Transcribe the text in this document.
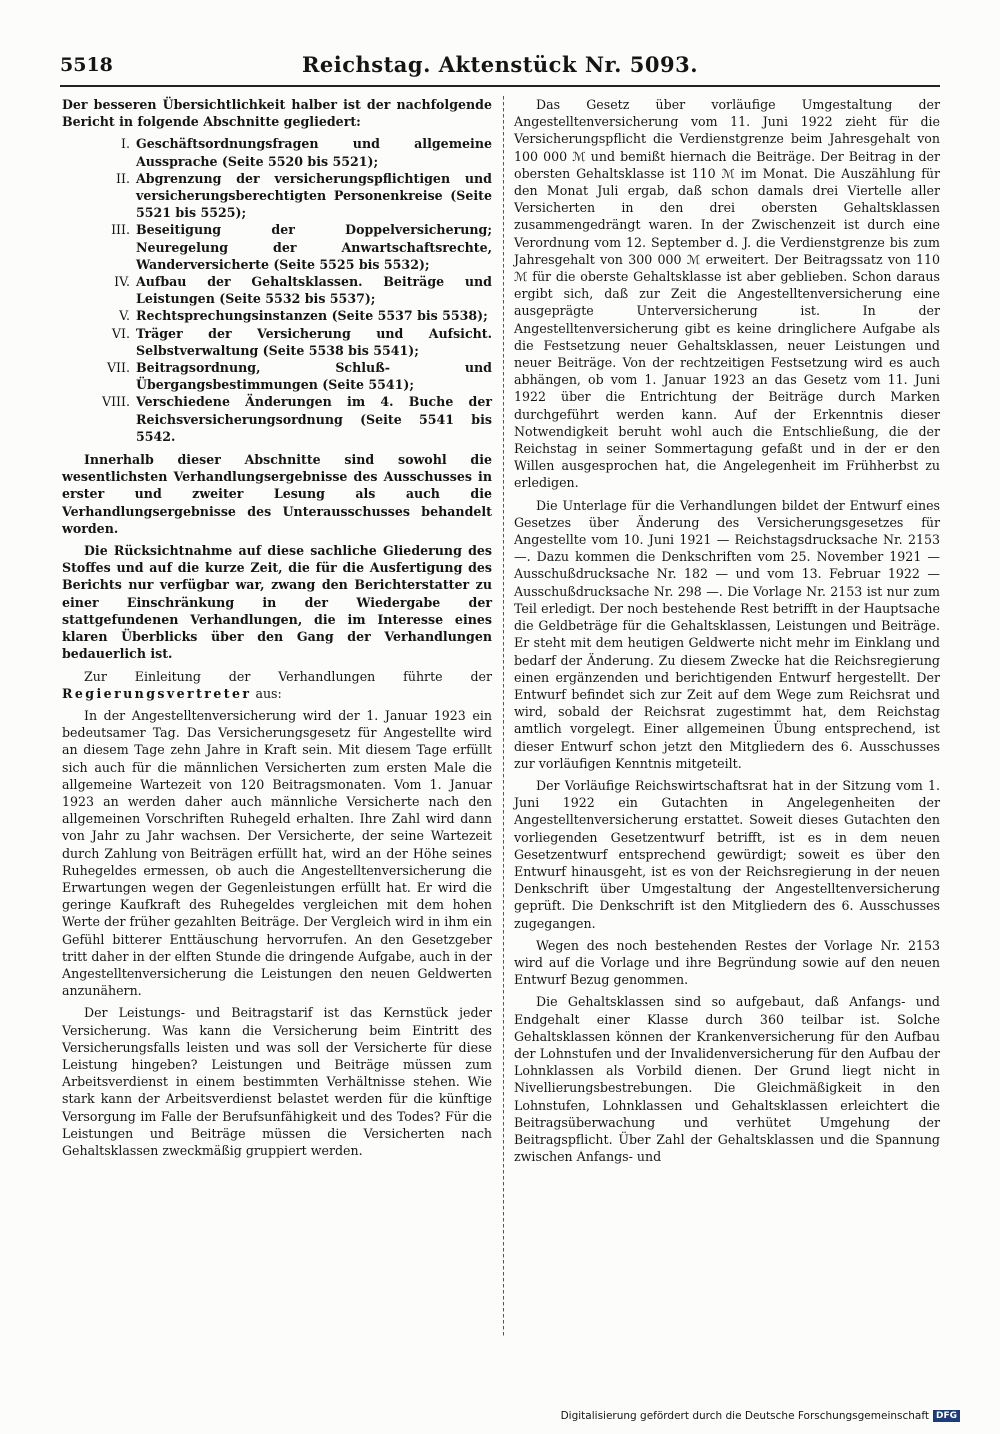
5518	Reichstag. Aktenstück Nr. 5093.

Der besseren Übersichtlichkeit halber ist der nachfolgende Bericht in folgende Abschnitte gegliedert:

I. Geschäftsordnungsfragen und allgemeine Aussprache (Seite 5520 bis 5521);
II. Abgrenzung der versicherungspflichtigen und versicherungsberechtigten Personenkreise (Seite 5521 bis 5525);
III. Beseitigung der Doppelversicherung; Neuregelung der Anwartschaftsrechte, Wanderversicherte (Seite 5525 bis 5532);
IV. Aufbau der Gehaltsklassen. Beiträge und Leistungen (Seite 5532 bis 5537);
V. Rechtsprechungsinstanzen (Seite 5537 bis 5538);
VI. Träger der Versicherung und Aufsicht. Selbstverwaltung (Seite 5538 bis 5541);
VII. Beitragsordnung, Schluß- und Übergangsbestimmungen (Seite 5541);
VIII. Verschiedene Änderungen im 4. Buche der Reichsversicherungsordnung (Seite 5541 bis 5542.

Innerhalb dieser Abschnitte sind sowohl die wesentlichsten Verhandlungsergebnisse des Ausschusses in erster und zweiter Lesung als auch die Verhandlungsergebnisse des Unterausschusses behandelt worden.

Die Rücksichtnahme auf diese sachliche Gliederung des Stoffes und auf die kurze Zeit, die für die Ausfertigung des Berichts nur verfügbar war, zwang den Berichterstatter zu einer Einschränkung in der Wiedergabe der stattgefundenen Verhandlungen, die im Interesse eines klaren Überblicks über den Gang der Verhandlungen bedauerlich ist.

Zur Einleitung der Verhandlungen führte der Regierungsvertreter aus:

In der Angestelltenversicherung wird der 1. Januar 1923 ein bedeutsamer Tag. Das Versicherungsgesetz für Angestellte wird an diesem Tage zehn Jahre in Kraft sein. Mit diesem Tage erfüllt sich auch für die männlichen Versicherten zum ersten Male die allgemeine Wartezeit von 120 Beitragsmonaten. Vom 1. Januar 1923 an werden daher auch männliche Versicherte nach den allgemeinen Vorschriften Ruhegeld erhalten. Ihre Zahl wird dann von Jahr zu Jahr wachsen. Der Versicherte, der seine Wartezeit durch Zahlung von Beiträgen erfüllt hat, wird an der Höhe seines Ruhegeldes ermessen, ob auch die Angestelltenversicherung die Erwartungen wegen der Gegenleistungen erfüllt hat. Er wird die geringe Kaufkraft des Ruhegeldes vergleichen mit dem hohen Werte der früher gezahlten Beiträge. Der Vergleich wird in ihm ein Gefühl bitterer Enttäuschung hervorrufen. An den Gesetzgeber tritt daher in der elften Stunde die dringende Aufgabe, auch in der Angestelltenversicherung die Leistungen den neuen Geldwerten anzunähern.

Der Leistungs- und Beitragstarif ist das Kernstück jeder Versicherung. Was kann die Versicherung beim Eintritt des Versicherungsfalls leisten und was soll der Versicherte für diese Leistung hingeben? Leistungen und Beiträge müssen zum Arbeitsverdienst in einem bestimmten Verhältnisse stehen. Wie stark kann der Arbeitsverdienst belastet werden für die künftige Versorgung im Falle der Berufsunfähigkeit und des Todes? Für die Leistungen und Beiträge müssen die Versicherten nach Gehaltsklassen zweckmäßig gruppiert werden.

Das Gesetz über vorläufige Umgestaltung der Angestelltenversicherung vom 11. Juni 1922 zieht für die Versicherungspflicht die Verdienstgrenze beim Jahresgehalt von 100 000 ℳ und bemißt hiernach die Beiträge. Der Beitrag in der obersten Gehaltsklasse ist 110 ℳ im Monat. Die Auszählung für den Monat Juli ergab, daß schon damals drei Viertelle aller Versicherten in den drei obersten Gehaltsklassen zusammengedrängt waren. In der Zwischenzeit ist durch eine Verordnung vom 12. September d. J. die Verdienstgrenze bis zum Jahresgehalt von 300 000 ℳ erweitert. Der Beitragssatz von 110 ℳ für die oberste Gehaltsklasse ist aber geblieben. Schon daraus ergibt sich, daß zur Zeit die Angestelltenversicherung eine ausgeprägte Unterversicherung ist. In der Angestelltenversicherung gibt es keine dringlichere Aufgabe als die Festsetzung neuer Gehaltsklassen, neuer Leistungen und neuer Beiträge. Von der rechtzeitigen Festsetzung wird es auch abhängen, ob vom 1. Januar 1923 an das Gesetz vom 11. Juni 1922 über die Entrichtung der Beiträge durch Marken durchgeführt werden kann. Auf der Erkenntnis dieser Notwendigkeit beruht wohl auch die Entschließung, die der Reichstag in seiner Sommertagung gefaßt und in der er den Willen ausgesprochen hat, die Angelegenheit im Frühherbst zu erledigen.

Die Unterlage für die Verhandlungen bildet der Entwurf eines Gesetzes über Änderung des Versicherungsgesetzes für Angestellte vom 10. Juni 1921 — Reichstagsdrucksache Nr. 2153 —. Dazu kommen die Denkschriften vom 25. November 1921 — Ausschußdrucksache Nr. 182 — und vom 13. Februar 1922 — Ausschußdrucksache Nr. 298 —. Die Vorlage Nr. 2153 ist nur zum Teil erledigt. Der noch bestehende Rest betrifft in der Hauptsache die Geldbeträge für die Gehaltsklassen, Leistungen und Beiträge. Er steht mit dem heutigen Geldwerte nicht mehr im Einklang und bedarf der Änderung. Zu diesem Zwecke hat die Reichsregierung einen ergänzenden und berichtigenden Entwurf hergestellt. Der Entwurf befindet sich zur Zeit auf dem Wege zum Reichsrat und wird, sobald der Reichsrat zugestimmt hat, dem Reichstag amtlich vorgelegt. Einer allgemeinen Übung entsprechend, ist dieser Entwurf schon jetzt den Mitgliedern des 6. Ausschusses zur vorläufigen Kenntnis mitgeteilt.

Der Vorläufige Reichswirtschaftsrat hat in der Sitzung vom 1. Juni 1922 ein Gutachten in Angelegenheiten der Angestelltenversicherung erstattet. Soweit dieses Gutachten den vorliegenden Gesetzentwurf betrifft, ist es in dem neuen Gesetzentwurf entsprechend gewürdigt; soweit es über den Entwurf hinausgeht, ist es von der Reichsregierung in der neuen Denkschrift über Umgestaltung der Angestelltenversicherung geprüft. Die Denkschrift ist den Mitgliedern des 6. Ausschusses zugegangen.

Wegen des noch bestehenden Restes der Vorlage Nr. 2153 wird auf die Vorlage und ihre Begründung sowie auf den neuen Entwurf Bezug genommen.

Die Gehaltsklassen sind so aufgebaut, daß Anfangs- und Endgehalt einer Klasse durch 360 teilbar ist. Solche Gehaltsklassen können der Krankenversicherung für den Aufbau der Lohnstufen und der Invalidenversicherung für den Aufbau der Lohnklassen als Vorbild dienen. Der Grund liegt nicht in Nivellierungsbestrebungen. Die Gleichmäßigkeit in den Lohnstufen, Lohnklassen und Gehaltsklassen erleichtert die Beitragsüberwachung und verhütet Umgehung der Beitragspflicht. Über Zahl der Gehaltsklassen und die Spannung zwischen Anfangs- und

Digitalisierung gefördert durch die Deutsche Forschungsgemeinschaft DFG
